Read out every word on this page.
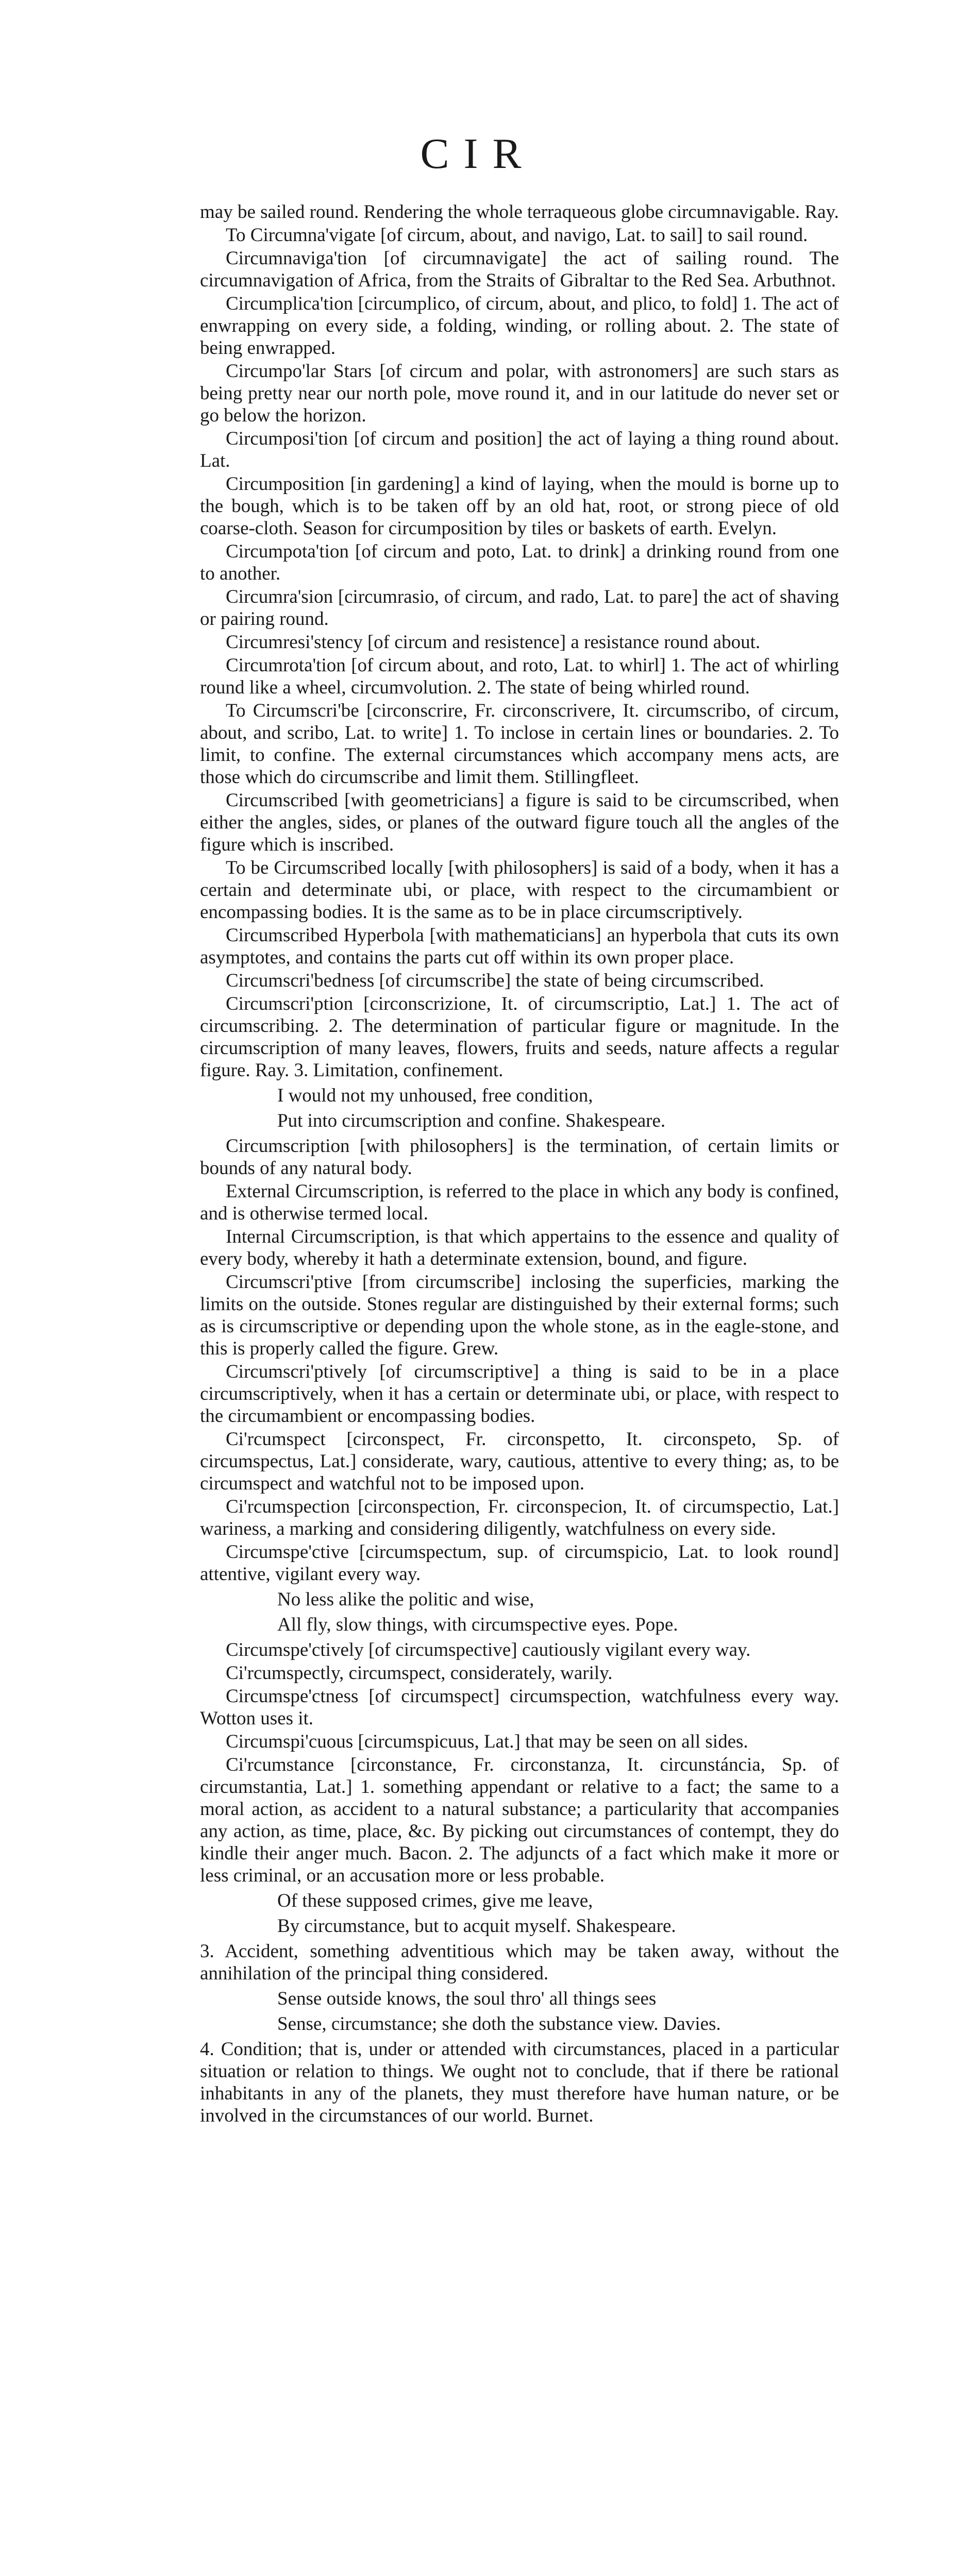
CIR

may be sailed round. Rendering the whole terraqueous globe circumnavigable. Ray.

To Circumna'vigate [of circum, about, and navigo, Lat. to sail] to sail round.

Circumnaviga'tion [of circumnavigate] the act of sailing round. The circumnavigation of Africa, from the Straits of Gibraltar to the Red Sea. Arbuthnot.

Circumplica'tion [circumplico, of circum, about, and plico, to fold] 1. The act of enwrapping on every side, a folding, winding, or rolling about. 2. The state of being enwrapped.

Circumpo'lar Stars [of circum and polar, with astronomers] are such stars as being pretty near our north pole, move round it, and in our latitude do never set or go below the horizon.

Circumposi'tion [of circum and position] the act of laying a thing round about. Lat.

Circumposition [in gardening] a kind of laying, when the mould is borne up to the bough, which is to be taken off by an old hat, root, or strong piece of old coarse-cloth. Season for circumposition by tiles or baskets of earth. Evelyn.

Circumpota'tion [of circum and poto, Lat. to drink] a drinking round from one to another.

Circumra'sion [circumrasio, of circum, and rado, Lat. to pare] the act of shaving or pairing round.

Circumresi'stency [of circum and resistence] a resistance round about.

Circumrota'tion [of circum about, and roto, Lat. to whirl] 1. The act of whirling round like a wheel, circumvolution. 2. The state of being whirled round.

To Circumscri'be [circonscrire, Fr. circonscrivere, It. circumscribo, of circum, about, and scribo, Lat. to write] 1. To inclose in certain lines or boundaries. 2. To limit, to confine. The external circumstances which accompany mens acts, are those which do circumscribe and limit them. Stillingfleet.

Circumscribed [with geometricians] a figure is said to be circumscribed, when either the angles, sides, or planes of the outward figure touch all the angles of the figure which is inscribed.

To be Circumscribed locally [with philosophers] is said of a body, when it has a certain and determinate ubi, or place, with respect to the circumambient or encompassing bodies. It is the same as to be in place circumscriptively.

Circumscribed Hyperbola [with mathematicians] an hyperbola that cuts its own asymptotes, and contains the parts cut off within its own proper place.

Circumscri'bedness [of circumscribe] the state of being circumscribed.

Circumscri'ption [circonscrizione, It. of circumscriptio, Lat.] 1. The act of circumscribing. 2. The determination of particular figure or magnitude. In the circumscription of many leaves, flowers, fruits and seeds, nature affects a regular figure. Ray. 3. Limitation, confinement.

I would not my unhoused, free condition,

Put into circumscription and confine. Shakespeare.

Circumscription [with philosophers] is the termination, of certain limits or bounds of any natural body.

External Circumscription, is referred to the place in which any body is confined, and is otherwise termed local.

Internal Circumscription, is that which appertains to the essence and quality of every body, whereby it hath a determinate extension, bound, and figure.

Circumscri'ptive [from circumscribe] inclosing the superficies, marking the limits on the outside. Stones regular are distinguished by their external forms; such as is circumscriptive or depending upon the whole stone, as in the eagle-stone, and this is properly called the figure. Grew.

Circumscri'ptively [of circumscriptive] a thing is said to be in a place circumscriptively, when it has a certain or determinate ubi, or place, with respect to the circumambient or encompassing bodies.

Ci'rcumspect [circonspect, Fr. circonspetto, It. circonspeto, Sp. of circumspectus, Lat.] considerate, wary, cautious, attentive to every thing; as, to be circumspect and watchful not to be imposed upon.

Ci'rcumspection [circonspection, Fr. circonspecion, It. of circumspectio, Lat.] wariness, a marking and considering diligently, watchfulness on every side.

Circumspe'ctive [circumspectum, sup. of circumspicio, Lat. to look round] attentive, vigilant every way.

No less alike the politic and wise,

All fly, slow things, with circumspective eyes. Pope.

Circumspe'ctively [of circumspective] cautiously vigilant every way.

Ci'rcumspectly, circumspect, considerately, warily.

Circumspe'ctness [of circumspect] circumspection, watchfulness every way. Wotton uses it.

Circumspi'cuous [circumspicuus, Lat.] that may be seen on all sides.

Ci'rcumstance [circonstance, Fr. circonstanza, It. circunstáncia, Sp. of circumstantia, Lat.] 1. something appendant or relative to a fact; the same to a moral action, as accident to a natural substance; a particularity that accompanies any action, as time, place, &c. By picking out circumstances of contempt, they do kindle their anger much. Bacon. 2. The adjuncts of a fact which make it more or less criminal, or an accusation more or less probable.

Of these supposed crimes, give me leave,

By circumstance, but to acquit myself. Shakespeare.

3. Accident, something adventitious which may be taken away, without the annihilation of the principal thing considered.

Sense outside knows, the soul thro' all things sees

Sense, circumstance; she doth the substance view. Davies.

4. Condition; that is, under or attended with circumstances, placed in a particular situation or relation to things. We ought not to conclude, that if there be rational inhabitants in any of the planets, they must therefore have human nature, or be involved in the circumstances of our world. Burnet.
